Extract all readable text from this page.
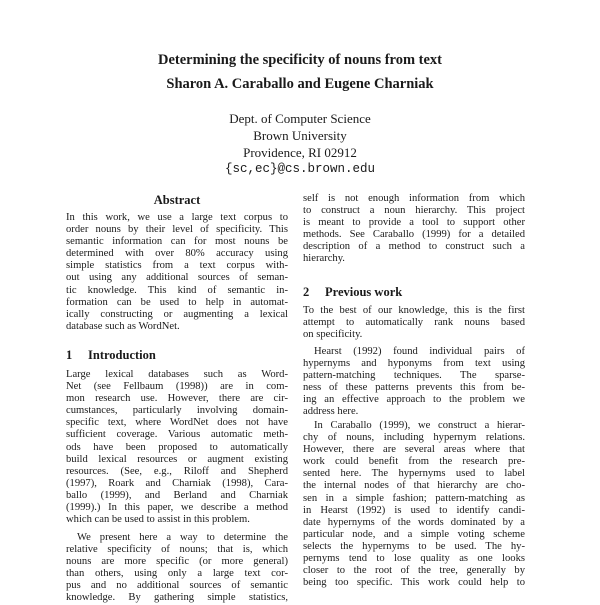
Determining the specificity of nouns from text
Sharon A. Caraballo and Eugene Charniak
Dept. of Computer Science
Brown University
Providence, RI 02912
{sc,ec}@cs.brown.edu
Abstract
In this work, we use a large text corpus to
order nouns by their level of specificity. This
semantic information can for most nouns be
determined with over 80% accuracy using
simple statistics from a text corpus with-
out using any additional sources of seman-
tic knowledge. This kind of semantic in-
formation can be used to help in automat-
ically constructing or augmenting a lexical
database such as WordNet.
1 Introduction
Large lexical databases such as Word-
Net (see Fellbaum (1998)) are in com-
mon research use. However, there are cir-
cumstances, particularly involving domain-
specific text, where WordNet does not have
sufficient coverage. Various automatic meth-
ods have been proposed to automatically
build lexical resources or augment existing
resources. (See, e.g., Riloff and Shepherd
(1997), Roark and Charniak (1998), Cara-
ballo (1999), and Berland and Charniak
(1999).) In this paper, we describe a method
which can be used to assist in this problem.
We present here a way to determine the
relative specificity of nouns; that is, which
nouns are more specific (or more general)
than others, using only a large text cor-
pus and no additional sources of semantic
knowledge. By gathering simple statistics,
self is not enough information from which
to construct a noun hierarchy. This project
is meant to provide a tool to support other
methods. See Caraballo (1999) for a detailed
description of a method to construct such a
hierarchy.
2 Previous work
To the best of our knowledge, this is the first
attempt to automatically rank nouns based
on specificity.
Hearst (1992) found individual pairs of
hypernyms and hyponyms from text using
pattern-matching techniques. The sparse-
ness of these patterns prevents this from be-
ing an effective approach to the problem we
address here.
In Caraballo (1999), we construct a hierar-
chy of nouns, including hypernym relations.
However, there are several areas where that
work could benefit from the research pre-
sented here. The hypernyms used to label
the internal nodes of that hierarchy are cho-
sen in a simple fashion; pattern-matching as
in Hearst (1992) is used to identify candi-
date hypernyms of the words dominated by a
particular node, and a simple voting scheme
selects the hypernyms to be used. The hy-
pernyms tend to lose quality as one looks
closer to the root of the tree, generally by
being too specific. This work could help to
